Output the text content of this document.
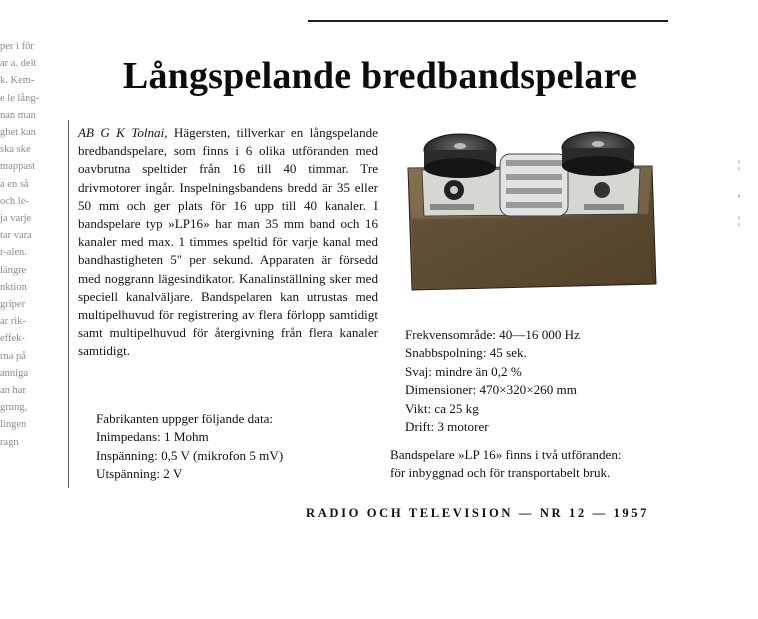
Långspelande bredbandspelare
per i för
ar a. delt
k. Kem-
e le lång-
nan man
ghet kan
ska ske
mappast
a en så
och le-
ja varje
tar vara
r-alen.
längre
nktion
griper
ar rik-
effek-
rna på
anniga
an har
grung,
lingen
ragn

AB G K Tolnai, Hägersten, tillverkar en långspelande bredbandspelare, som finns i 6 olika utföranden med oavbrutna speltider från 16 till 40 timmar. Tre drivmotorer ingår. Inspelningsbandens bredd är 35 eller 50 mm och ger plats för 16 upp till 40 kanaler. I bandspelare typ »LP16» har man 35 mm band och 16 kanaler med max. 1 timmes speltid för varje kanal med bandhastigheten 5" per sekund. Apparaten är försedd med noggrann lägesindikator. Kanalinställning sker med speciell kanalväljare. Bandspelaren kan utrustas med multipelhuvud för registrering av flera förlopp samtidigt samt multipelhuvud för återgivning från flera kanaler samtidigt.

Fabrikanten uppger följande data:
Inimpedans: 1 Mohm
Inspänning: 0,5 V (mikrofon 5 mV)
Utspänning: 2 V
Frekvensområde: 40—16 000 Hz
Snabbspolning: 45 sek.
Svaj: mindre än 0,2 %
Dimensioner: 470×320×260 mm
Vikt: ca 25 kg
Drift: 3 motorer
Bandspelare »LP 16» finns i två utföranden:
för inbyggnad och för transportabelt bruk.
RADIO OCH TELEVISION — NR 12 — 1957
¦
,
¦
